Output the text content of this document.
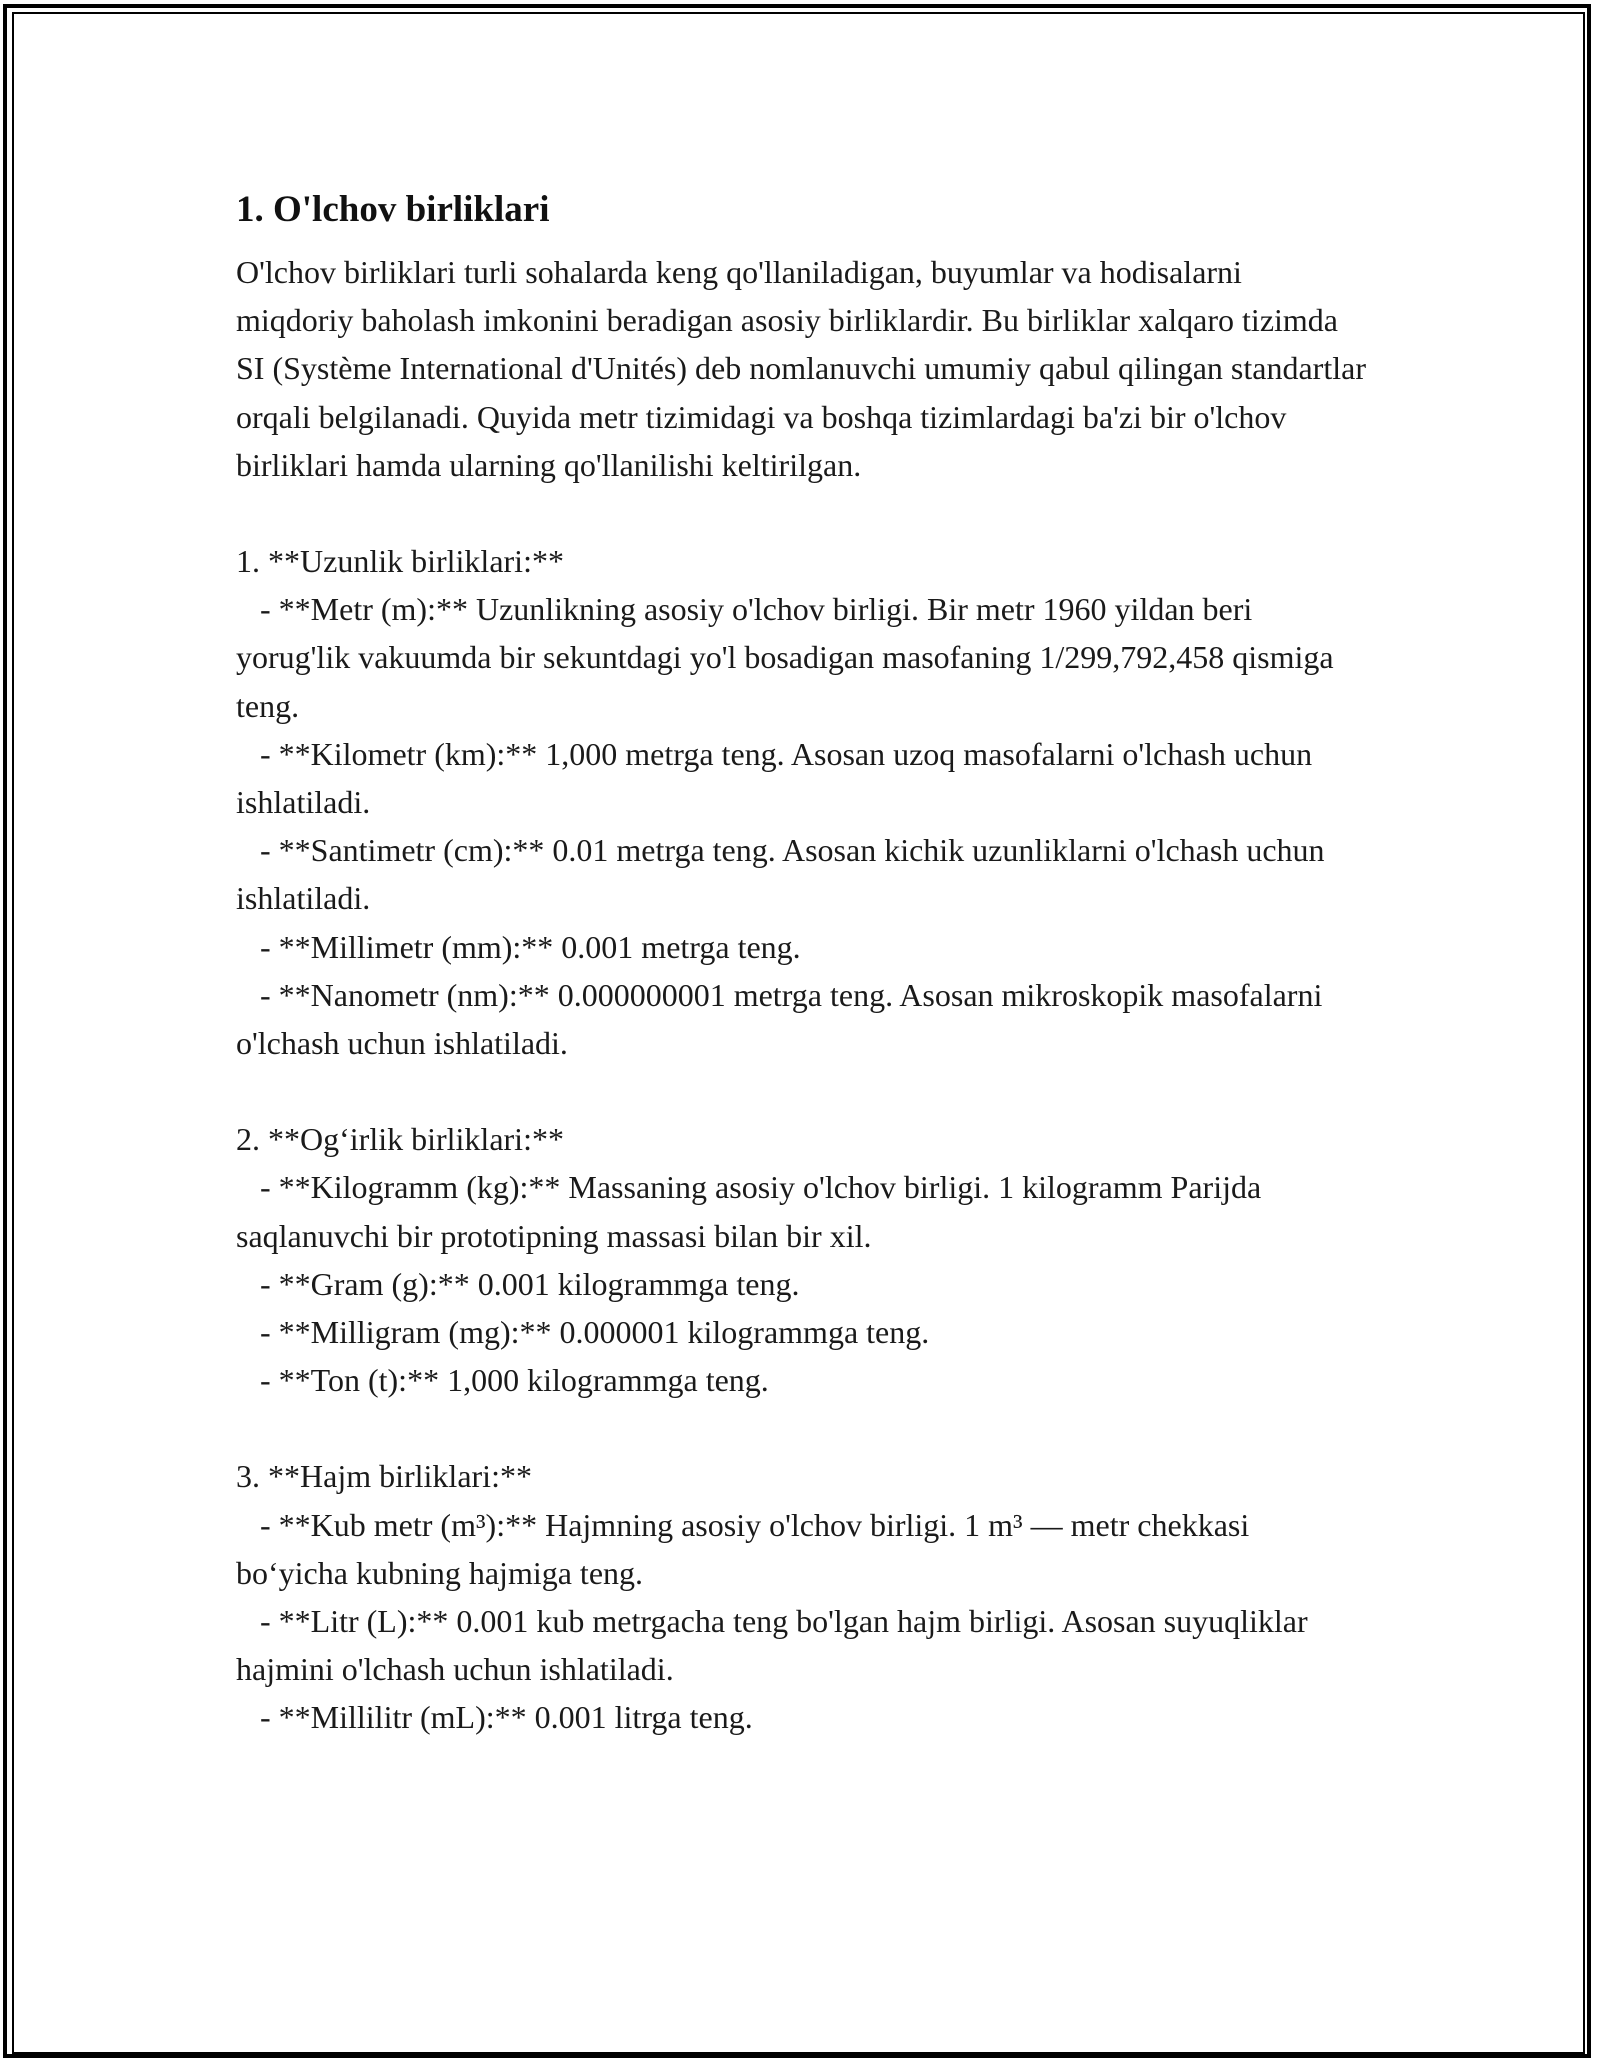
1. O'lchov birliklari

O'lchov birliklari turli sohalarda keng qo'llaniladigan, buyumlar va hodisalarni miqdoriy baholash imkonini beradigan asosiy birliklardir. Bu birliklar xalqaro tizimda SI (Système International d'Unités) deb nomlanuvchi umumiy qabul qilingan standartlar orqali belgilanadi. Quyida metr tizimidagi va boshqa tizimlardagi ba'zi bir o'lchov birliklari hamda ularning qo'llanilishi keltirilgan.

1. **Uzunlik birliklari:**
- **Metr (m):** Uzunlikning asosiy o'lchov birligi. Bir metr 1960 yildan beri yorug'lik vakuumda bir sekuntdagi yo'l bosadigan masofaning 1/299,792,458 qismiga teng.
- **Kilometr (km):** 1,000 metrga teng. Asosan uzoq masofalarni o'lchash uchun ishlatiladi.
- **Santimetr (cm):** 0.01 metrga teng. Asosan kichik uzunliklarni o'lchash uchun ishlatiladi.
- **Millimetr (mm):** 0.001 metrga teng.
- **Nanometr (nm):** 0.000000001 metrga teng. Asosan mikroskopik masofalarni o'lchash uchun ishlatiladi.
2. **Og‘irlik birliklari:**
- **Kilogramm (kg):** Massaning asosiy o'lchov birligi. 1 kilogramm Parijda saqlanuvchi bir prototipning massasi bilan bir xil.
- **Gram (g):** 0.001 kilogrammga teng.
- **Milligram (mg):** 0.000001 kilogrammga teng.
- **Ton (t):** 1,000 kilogrammga teng.
3. **Hajm birliklari:**
- **Kub metr (m³):** Hajmning asosiy o'lchov birligi. 1 m³ — metr chekkasi bo‘yicha kubning hajmiga teng.
- **Litr (L):** 0.001 kub metrgacha teng bo'lgan hajm birligi. Asosan suyuqliklar hajmini o'lchash uchun ishlatiladi.
- **Millilitr (mL):** 0.001 litrga teng.
